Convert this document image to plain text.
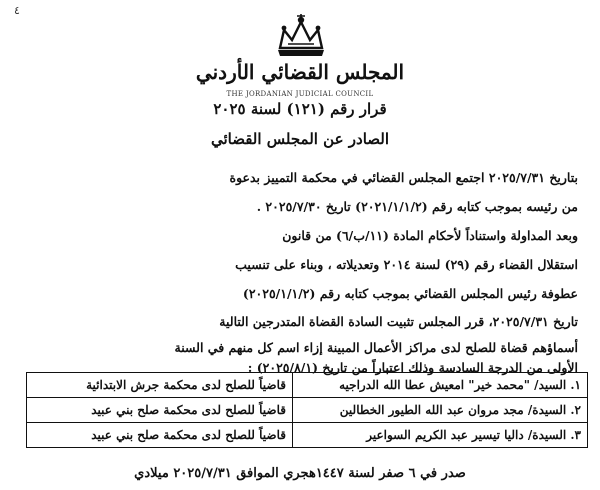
٤
المجلس القضائي الأردني
THE JORDANIAN JUDICIAL COUNCIL
قرار رقم (١٢١) لسنة ٢٠٢٥
الصادر عن المجلس القضائي
بتاريخ ٢٠٢٥/٧/٣١ اجتمع المجلس القضائي في محكمة التمييز بدعوة
من رئيسه بموجب كتابه رقم (٢٠٢١/١/١/٢) تاريخ ٢٠٢٥/٧/٣٠ .
وبعد المداولة واستناداً لأحكام المادة (١١/ب/٦) من قانون
استقلال القضاء رقم (٢٩) لسنة ٢٠١٤ وتعديلاته ، وبناء على تنسيب
عطوفة رئيس المجلس القضائي بموجب كتابه رقم (٢٠٢٥/١/١/٢)
تاريخ ٢٠٢٥/٧/٣١، قرر المجلس تثبيت السادة القضاة المتدرجين التالية
أسماؤهم قضاة للصلح لدى مراكز الأعمال المبينة إزاء اسم كل منهم في السنة
الأولى من الدرجة السادسة وذلك اعتباراً من تاريخ (٢٠٢٥/٨/١) :
١. السيد/ "محمد خير" امعيش عطا الله الدراجيه	قاضياً للصلح لدى محكمة جرش الابتدائية
٢. السيدة/ مجد مروان عبد الله الطيور الخطالين	قاضياً للصلح لدى محكمة صلح بني عبيد
٣. السيدة/ داليا تيسير عبد الكريم السواعير	قاضياً للصلح لدى محكمة صلح بني عبيد
صدر في ٦ صفر لسنة ١٤٤٧هجري الموافق ٢٠٢٥/٧/٣١ ميلادي
